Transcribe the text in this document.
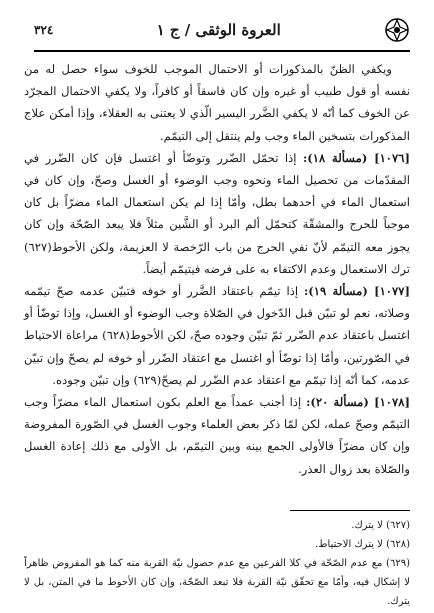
٣٢٤	العروة الوثقى / ج ١

ويكفي الظنّ بالمذكورات أو الاحتمال الموجب للخوف سواء حصل له من نفسه أو قول طبيب أو غيره وإن كان فاسقاً أو كافراً، ولا يكفي الاحتمال المجرّد عن الخوف كما أنّه لا يكفي الضَّرر اليسير الّذي لا يعتنى به العقلاء، وإذا أمكن علاج المذكورات بتسخين الماء وجب ولم ينتقل إلى التيمّم.

[١٠٧٦] (مسألة ١٨): إذا تحمّل الضّرر وتوضّأ أو اغتسل فإن كان الضّرر في المقدّمات من تحصيل الماء ونحوه وجب الوضوء أو الغسل وصحّ، وإن كان في استعمال الماء في أحدهما بطل، وأمّا إذا لم يكن استعمال الماء مضرّاً بل كان موجباً للحرج والمشقّة كتحمّل ألم البرد أو الشَّين مثلاً فلا يبعد الصّحّة وإن كان يجوز معه التيمّم لأنّ نفي الحرج من باب الرّخصة لا العزيمة، ولكن الأحوط(٦٢٧) ترك الاستعمال وعدم الاكتفاء به على فرضه فيتيمّم أيضاً.

[١٠٧٧] (مسألة ١٩): إذا تيمّم باعتقاد الضَّرر أو خوفه فتبيّن عدمه صحّ تيمّمه وصلاته، نعم لو تبيّن قبل الدّخول في الصّلاة وجب الوضوء أو الغسل، وإذا توضّأ أو اغتسل باعتقاد عدم الضّرر ثمّ تبيّن وجوده صحّ، لكن الأحوط(٦٢٨) مراعاة الاحتياط في الصّورتين، وأمّا إذا توضّأ أو اغتسل مع اعتقاد الضّرر أو خوفه لم يصحّ وإن تبيّن عدمه، كما أنّه إذا تيمّم مع اعتقاد عدم الضّرر لم يصحّ(٦٢٩) وإن تبيّن وجوده.

[١٠٧٨] (مسألة ٢٠): إذا أجنب عمداً مع العلم بكون استعمال الماء مضرّاً وجب التيمّم وصحّ عمله، لكن لمّا ذكر بعض العلماء وجوب الغسل في الصّورة المفروضة وإن كان مضرّاً فالأولى الجمع بينه وبين التيمّم، بل الأولى مع ذلك إعادة الغسل والصّلاة بعد زوال العذر.

(٦٢٧) لا يترك.

(٦٢٨) لا يترك الاحتياط.

(٦٢٩) مع عدم الصّحّة في كلا الفرعين مع عدم حصول نيّة القربة منه كما هو المفروض ظاهراً لا إشكال فيه، وأمّا مع تحقّق نيّة القربة فلا تبعد الصّحّة، وإن كان الأحوط ما في المتن، بل لا يترك.
